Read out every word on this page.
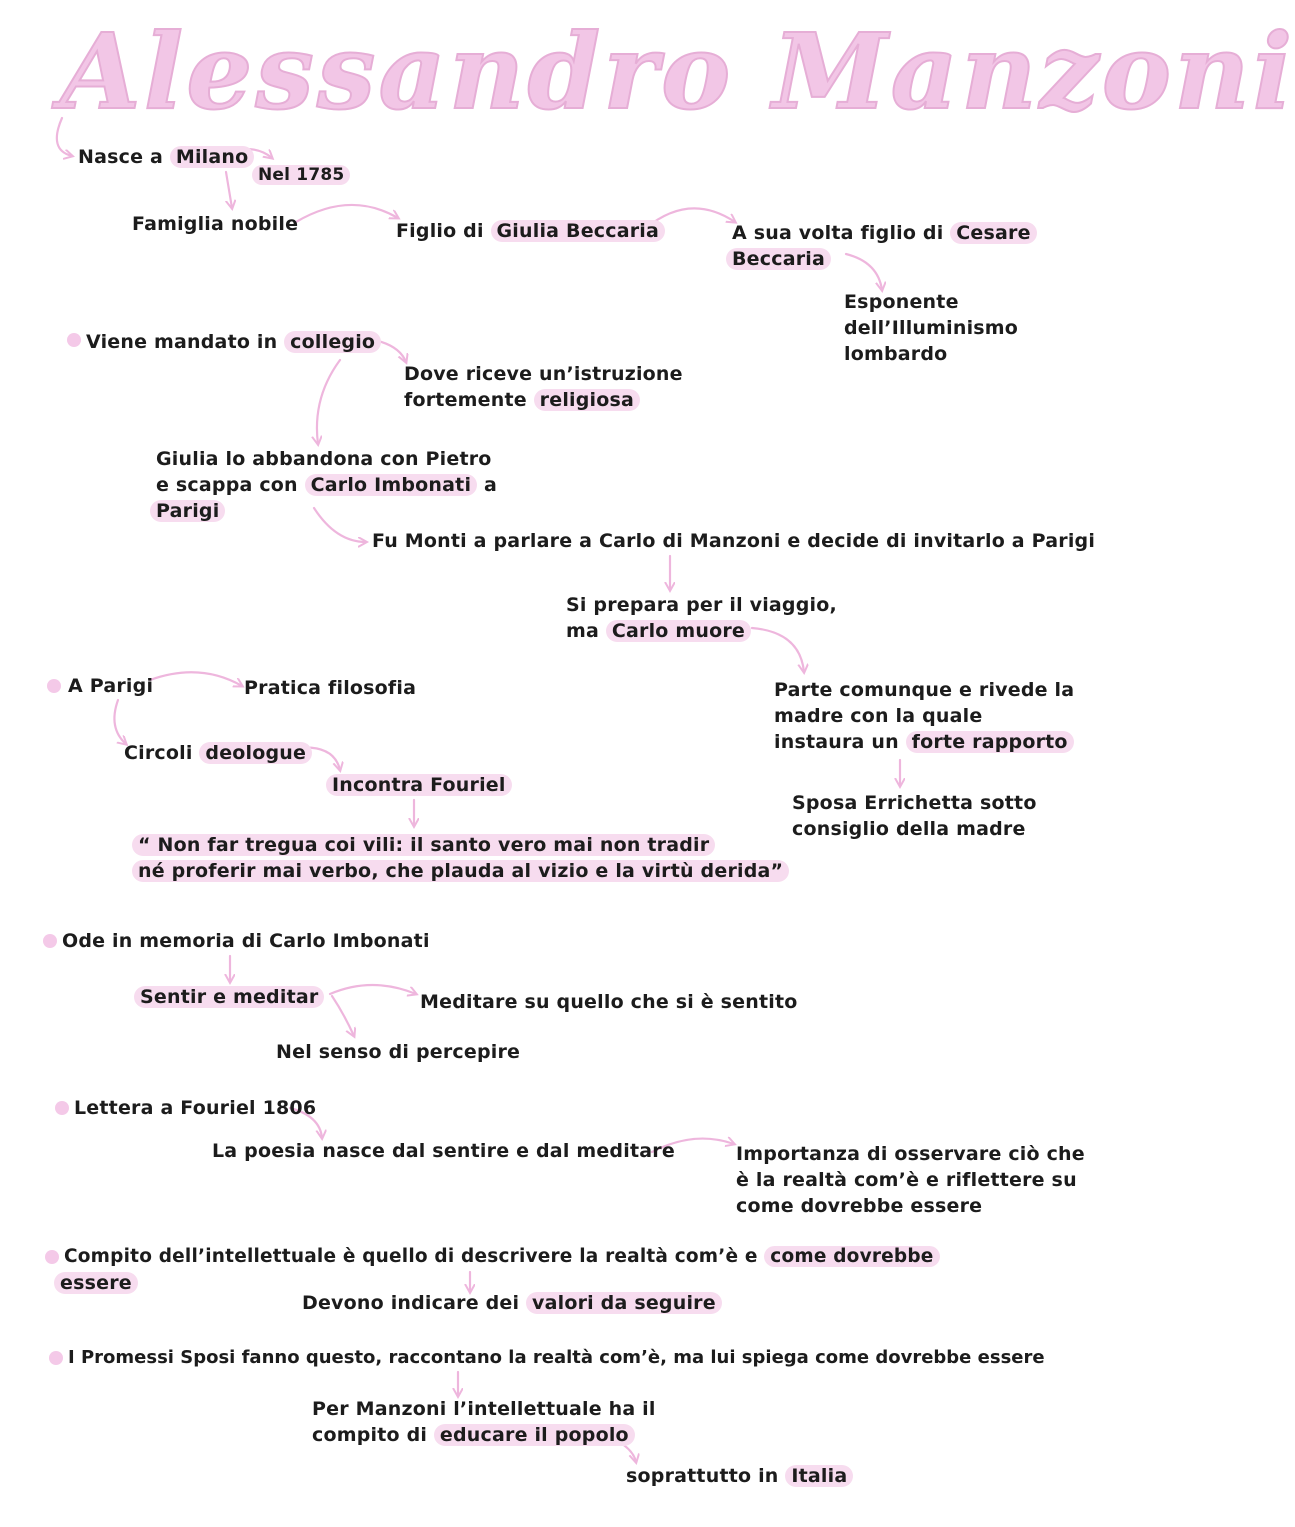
Alessandro Manzoni

Nasce a Milano

Nel 1785

Famiglia nobile	Figlio di Giulia Beccaria	A sua volta figlio di Cesare

Beccaria

Esponente

dell’Illuminismo

lombardo

Viene mandato in collegio

Dove riceve un’istruzione

fortemente religiosa

Giulia lo abbandona con Pietro

e scappa con Carlo Imbonati a

Parigi

Fu Monti a parlare a Carlo di Manzoni e decide di invitarlo a Parigi

Si prepara per il viaggio,

ma Carlo muore

Parte comunque e rivede la

madre con la quale

instaura un forte rapporto

Sposa Errichetta sotto

consiglio della madre

A Parigi	Pratica filosofia

Circoli deologue

Incontra Fouriel

“ Non far tregua coi vili: il santo vero mai non tradir

né proferir mai verbo, che plauda al vizio e la virtù derida”

Ode in memoria di Carlo Imbonati

Sentir e meditar	Meditare su quello che si è sentito

Nel senso di percepire

Lettera a Fouriel 1806

La poesia nasce dal sentire e dal meditare	Importanza di osservare ciò che

è la realtà com’è e riflettere su

come dovrebbe essere

Compito dell’intellettuale è quello di descrivere la realtà com’è e come dovrebbe

essere

Devono indicare dei valori da seguire

I Promessi Sposi fanno questo, raccontano la realtà com’è, ma lui spiega come dovrebbe essere

Per Manzoni l’intellettuale ha il

compito di educare il popolo

soprattutto in Italia
